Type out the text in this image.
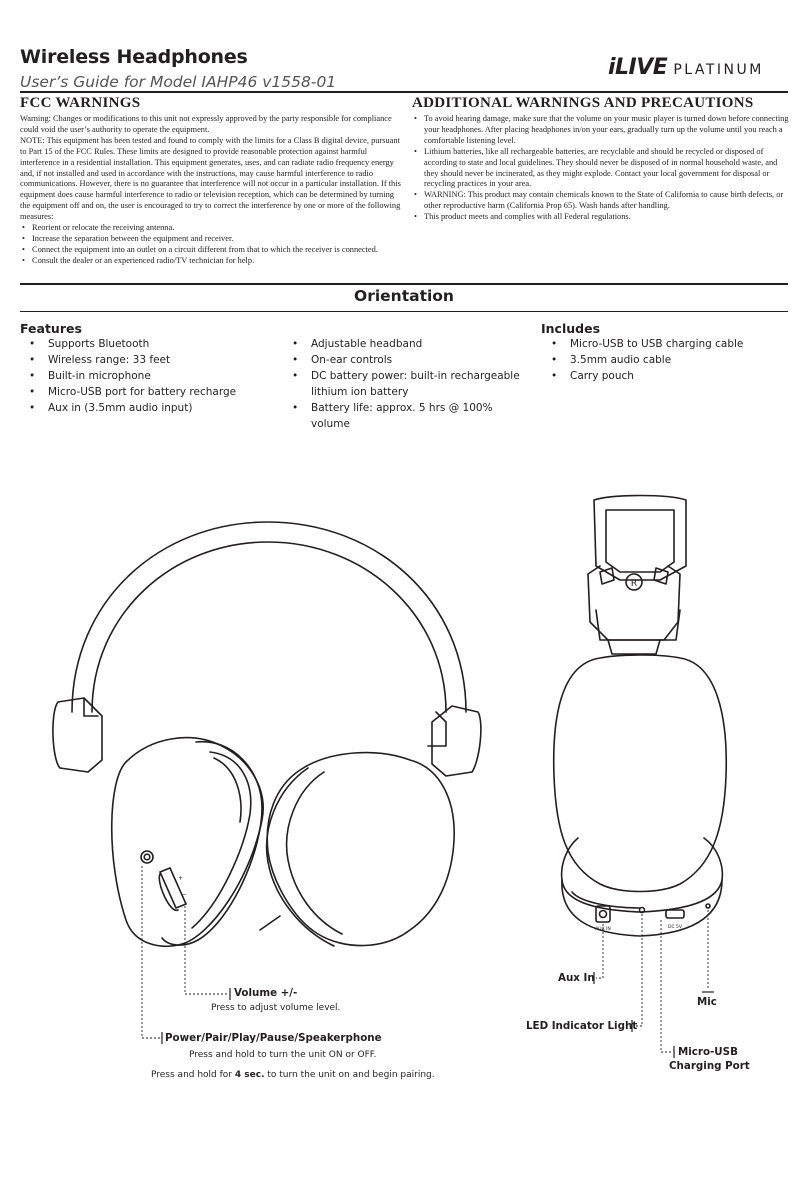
Wireless Headphones
User’s Guide for Model IAHP46 v1558-01
iLIVE PLATINUM
FCC WARNINGS

Warning: Changes or modifications to this unit not expressly approved by the party responsible for compliance could void the user’s authority to operate the equipment.

NOTE: This equipment has been tested and found to comply with the limits for a Class B digital device, pursuant to Part 15 of the FCC Rules. These limits are designed to provide reasonable protection against harmful interference in a residential installation. This equipment generates, uses, and can radiate radio frequency energy and, if not installed and used in accordance with the instructions, may cause harmful interference to radio communications. However, there is no guarantee that interference will not occur in a particular installation. If this equipment does cause harmful interference to radio or television reception, which can be determined by turning the equipment off and on, the user is encouraged to try to correct the interference by one or more of the following measures:

• Reorient or relocate the receiving antenna.
• Increase the separation between the equipment and receiver.
• Connect the equipment into an outlet on a circuit different from that to which the receiver is connected.
• Consult the dealer or an experienced radio/TV technician for help.
ADDITIONAL WARNINGS AND PRECAUTIONS
• To avoid hearing damage, make sure that the volume on your music player is turned down before connecting your headphones. After placing headphones in/on your ears, gradually turn up the volume until you reach a comfortable listening level.
• Lithium batteries, like all rechargeable batteries, are recyclable and should be recycled or disposed of according to state and local guidelines. They should never be disposed of in normal household waste, and they should never be incinerated, as they might explode. Contact your local government for disposal or recycling practices in your area.
• WARNING: This product may contain chemicals known to the State of California to cause birth defects, or other reproductive harm (California Prop 65). Wash hands after handling.
• This product meets and complies with all Federal regulations.
Orientation
Features
• Supports Bluetooth
• Wireless range: 33 feet
• Built-in microphone
• Micro-USB port for battery recharge
• Aux in (3.5mm audio input)
• Adjustable headband
• On-ear controls
• DC battery power: built-in rechargeable lithium ion battery
• Battery life: approx. 5 hrs @ 100% volume
Includes
• Micro-USB to USB charging cable
• 3.5mm audio cable
• Carry pouch
R
+
−
DC 5V
AUX IN
Volume +/-
Press to adjust volume level.
Power/Pair/Play/Pause/Speakerphone
Press and hold to turn the unit ON or OFF.
Press and hold for 4 sec. to turn the unit on and begin pairing.
Aux In
LED Indicator Light
Mic
Micro-USB
Charging Port
